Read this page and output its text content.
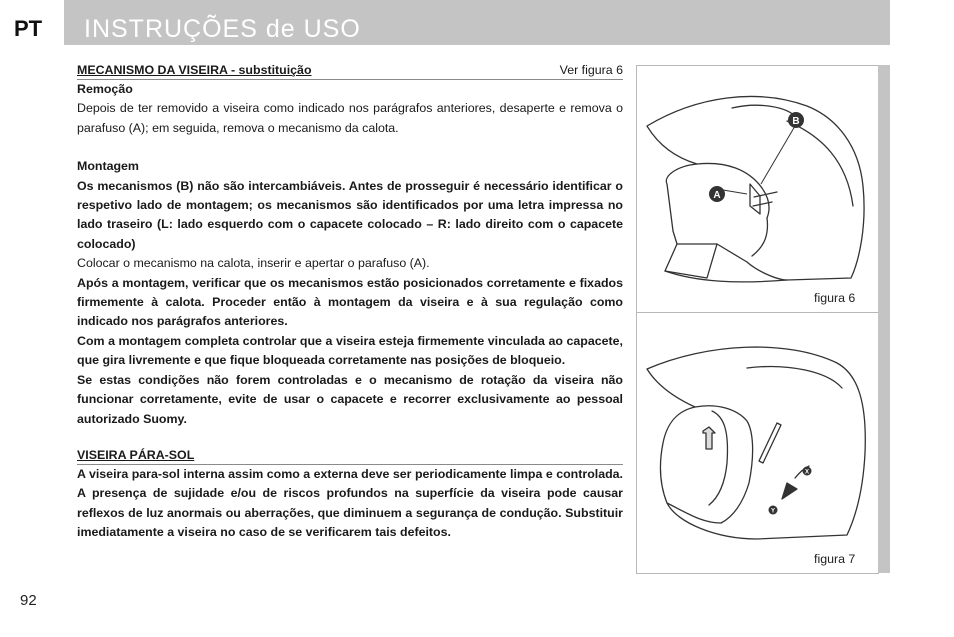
PT INSTRUÇÕES de USO
MECANISMO DA VISEIRA - substituição	Ver figura 6

Remoção

Depois de ter removido a viseira como indicado nos parágrafos anteriores, desaperte e remova o parafuso (A); em seguida, remova o mecanismo da calota.

Montagem

Os mecanismos (B) não são intercambiáveis. Antes de prosseguir é necessário identificar o respetivo lado de montagem; os mecanismos são identificados por uma letra impressa no lado traseiro (L: lado esquerdo com o capacete colocado – R: lado direito com o capacete colocado)

Colocar o mecanismo na calota, inserir e apertar o parafuso (A).

Após a montagem, verificar que os mecanismos estão posicionados corretamente e fixados firmemente à calota. Proceder então à montagem da viseira e à sua regulação como indicado nos parágrafos anteriores.

Com a montagem completa controlar que a viseira esteja firmemente vinculada ao capacete, que gira livremente e que fique bloqueada corretamente nas posições de bloqueio.

Se estas condições não forem controladas e o mecanismo de rotação da viseira não funcionar corretamente, evite de usar o capacete e recorrer exclusivamente ao pessoal autorizado Suomy.

VISEIRA PÁRA-SOL

A viseira para-sol interna assim como a externa deve ser periodicamente limpa e controlada. A presença de sujidade e/ou de riscos profundos na superfície da viseira pode causar reflexos de luz anormais ou aberrações, que diminuem a segurança de condução. Substituir imediatamente a viseira no caso de se verificarem tais defeitos.

A
B
figura 6
X
Y
figura 7
92
